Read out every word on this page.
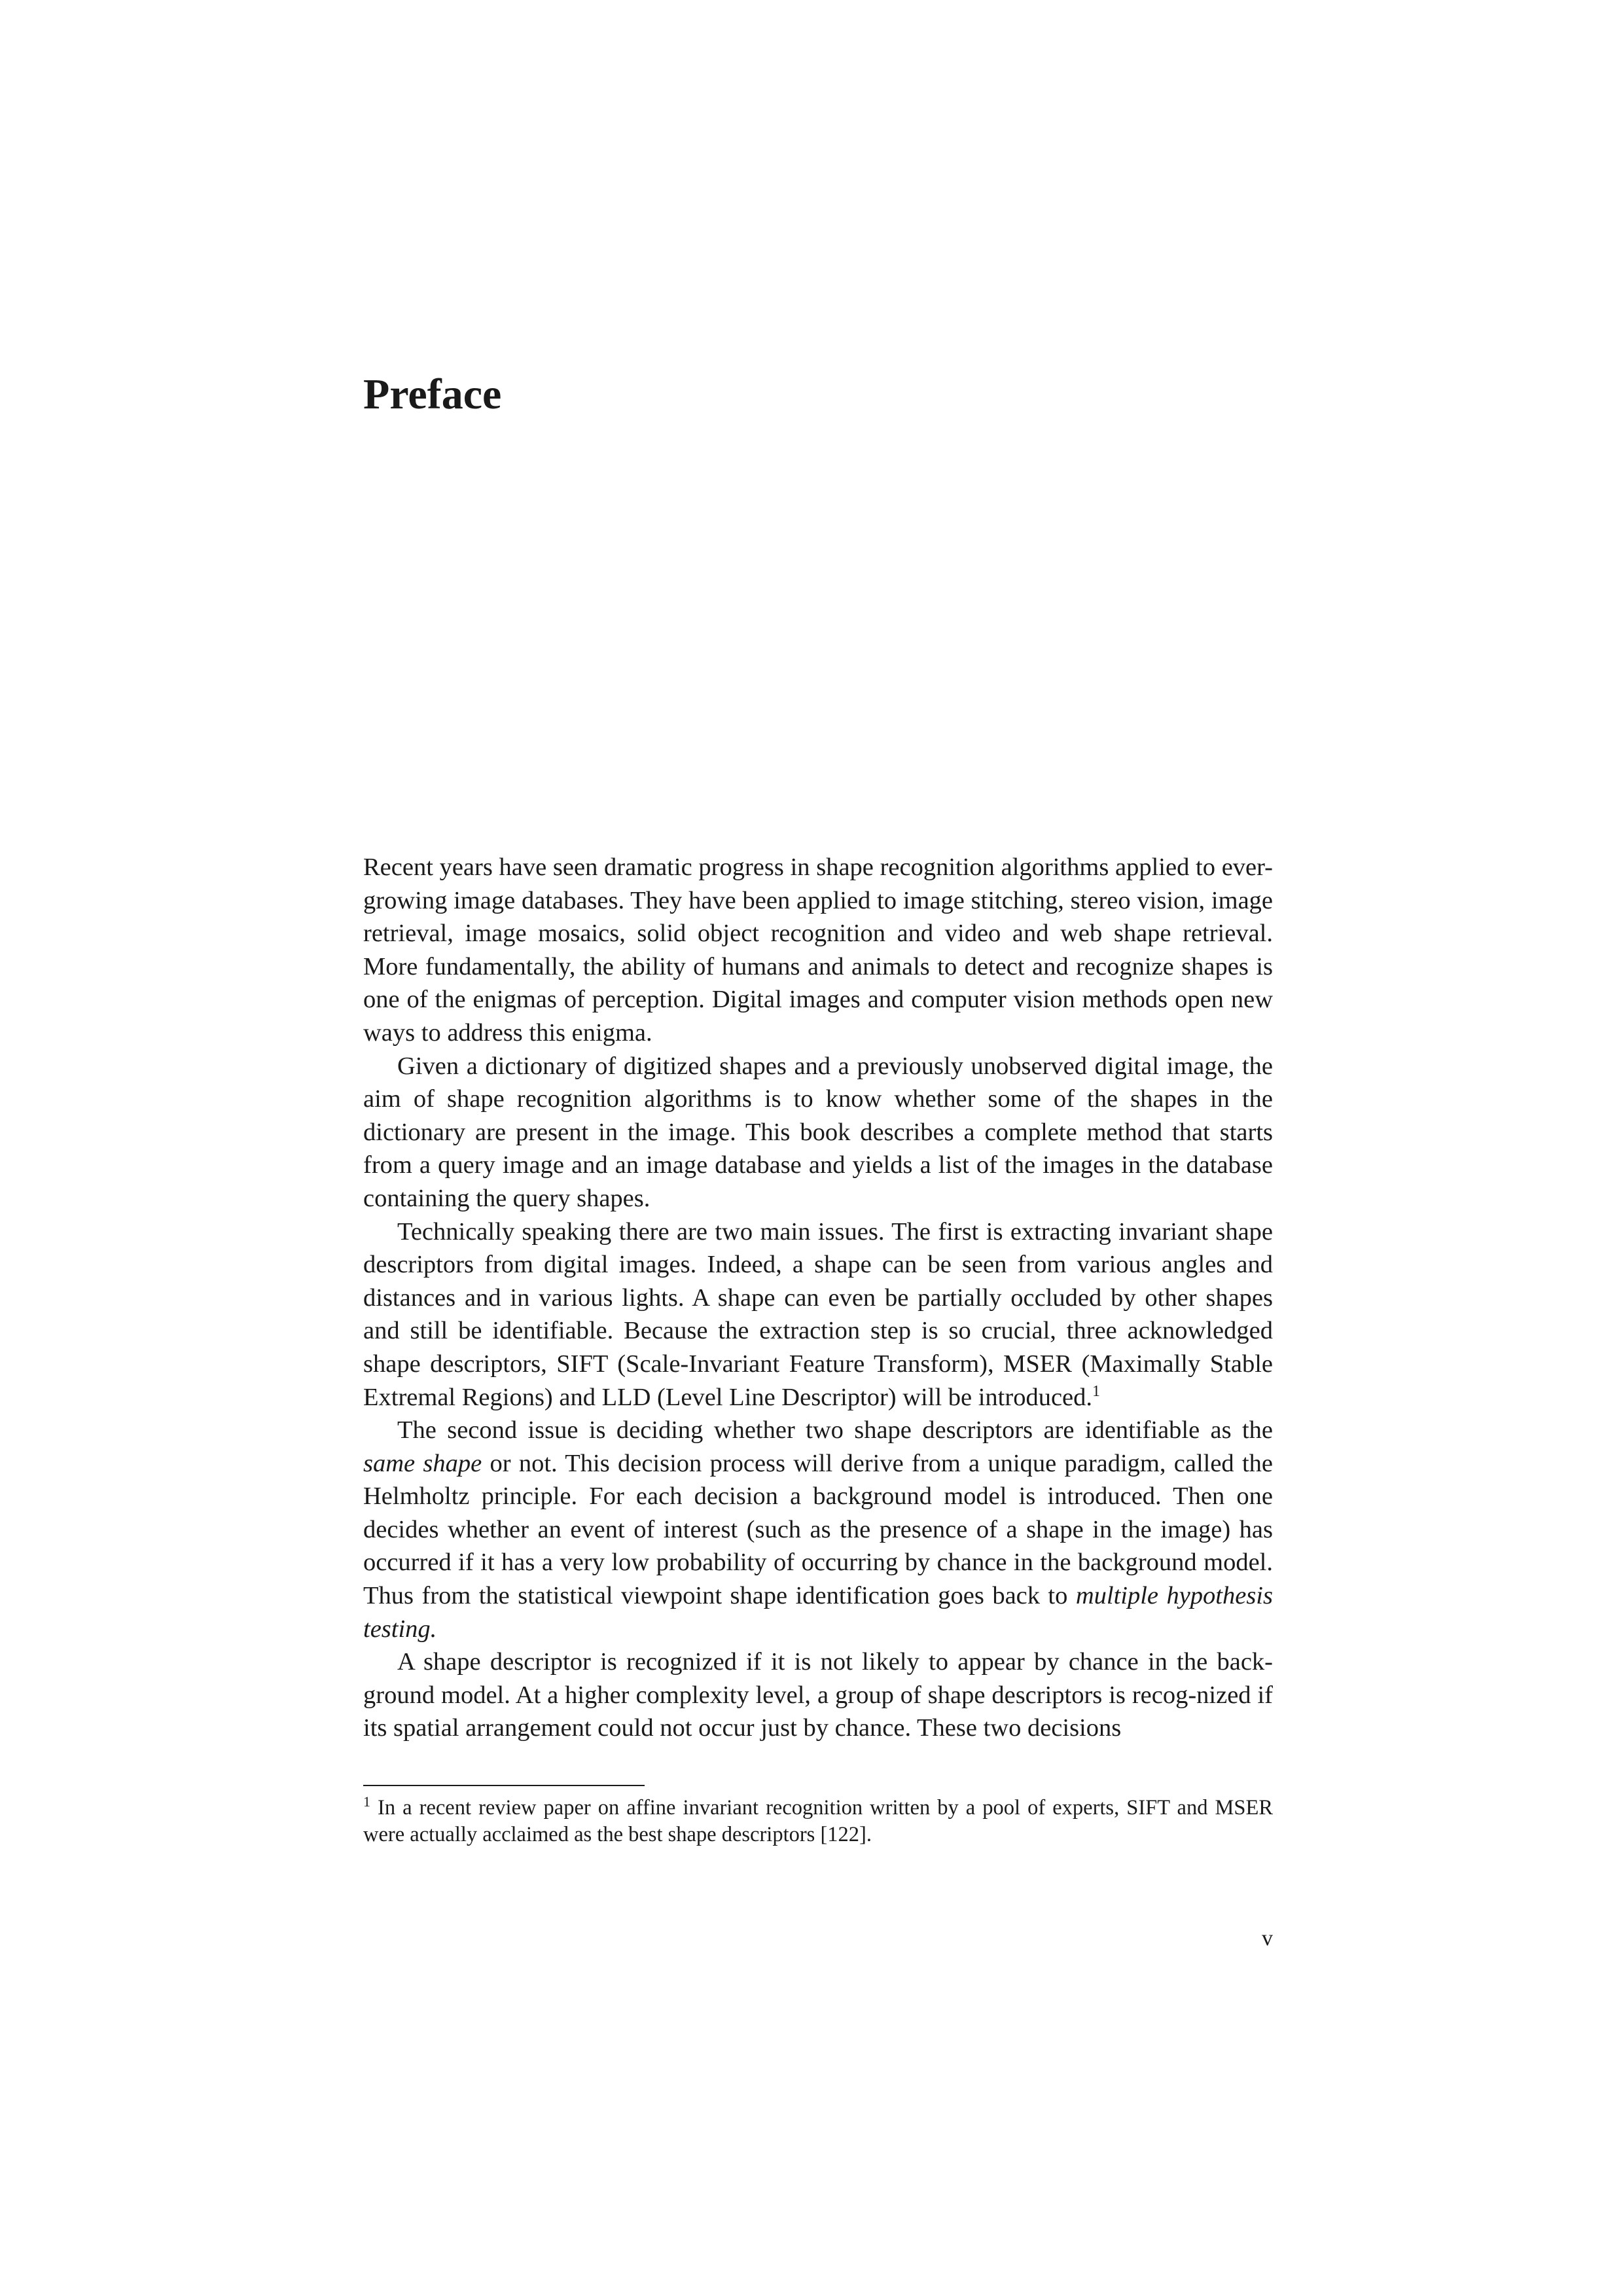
Preface

Recent years have seen dramatic progress in shape recognition algorithms applied to ever-growing image databases. They have been applied to image stitching, stereo vision, image retrieval, image mosaics, solid object recognition and video and web shape retrieval. More fundamentally, the ability of humans and animals to detect and recognize shapes is one of the enigmas of perception. Digital images and computer vision methods open new ways to address this enigma.

Given a dictionary of digitized shapes and a previously unobserved digital image, the aim of shape recognition algorithms is to know whether some of the shapes in the dictionary are present in the image. This book describes a complete method that starts from a query image and an image database and yields a list of the images in the database containing the query shapes.

Technically speaking there are two main issues. The first is extracting invariant shape descriptors from digital images. Indeed, a shape can be seen from various angles and distances and in various lights. A shape can even be partially occluded by other shapes and still be identifiable. Because the extraction step is so crucial, three acknowledged shape descriptors, SIFT (Scale-Invariant Feature Transform), MSER (Maximally Stable Extremal Regions) and LLD (Level Line Descriptor) will be introduced.$^1$

The second issue is deciding whether two shape descriptors are identifiable as the same shape or not. This decision process will derive from a unique paradigm, called the Helmholtz principle. For each decision a background model is introduced. Then one decides whether an event of interest (such as the presence of a shape in the image) has occurred if it has a very low probability of occurring by chance in the background model. Thus from the statistical viewpoint shape identification goes back to multiple hypothesis testing.

A shape descriptor is recognized if it is not likely to appear by chance in the back-ground model. At a higher complexity level, a group of shape descriptors is recog-nized if its spatial arrangement could not occur just by chance. These two decisions

$^1$ In a recent review paper on affine invariant recognition written by a pool of experts, SIFT and MSER were actually acclaimed as the best shape descriptors [122].

v
